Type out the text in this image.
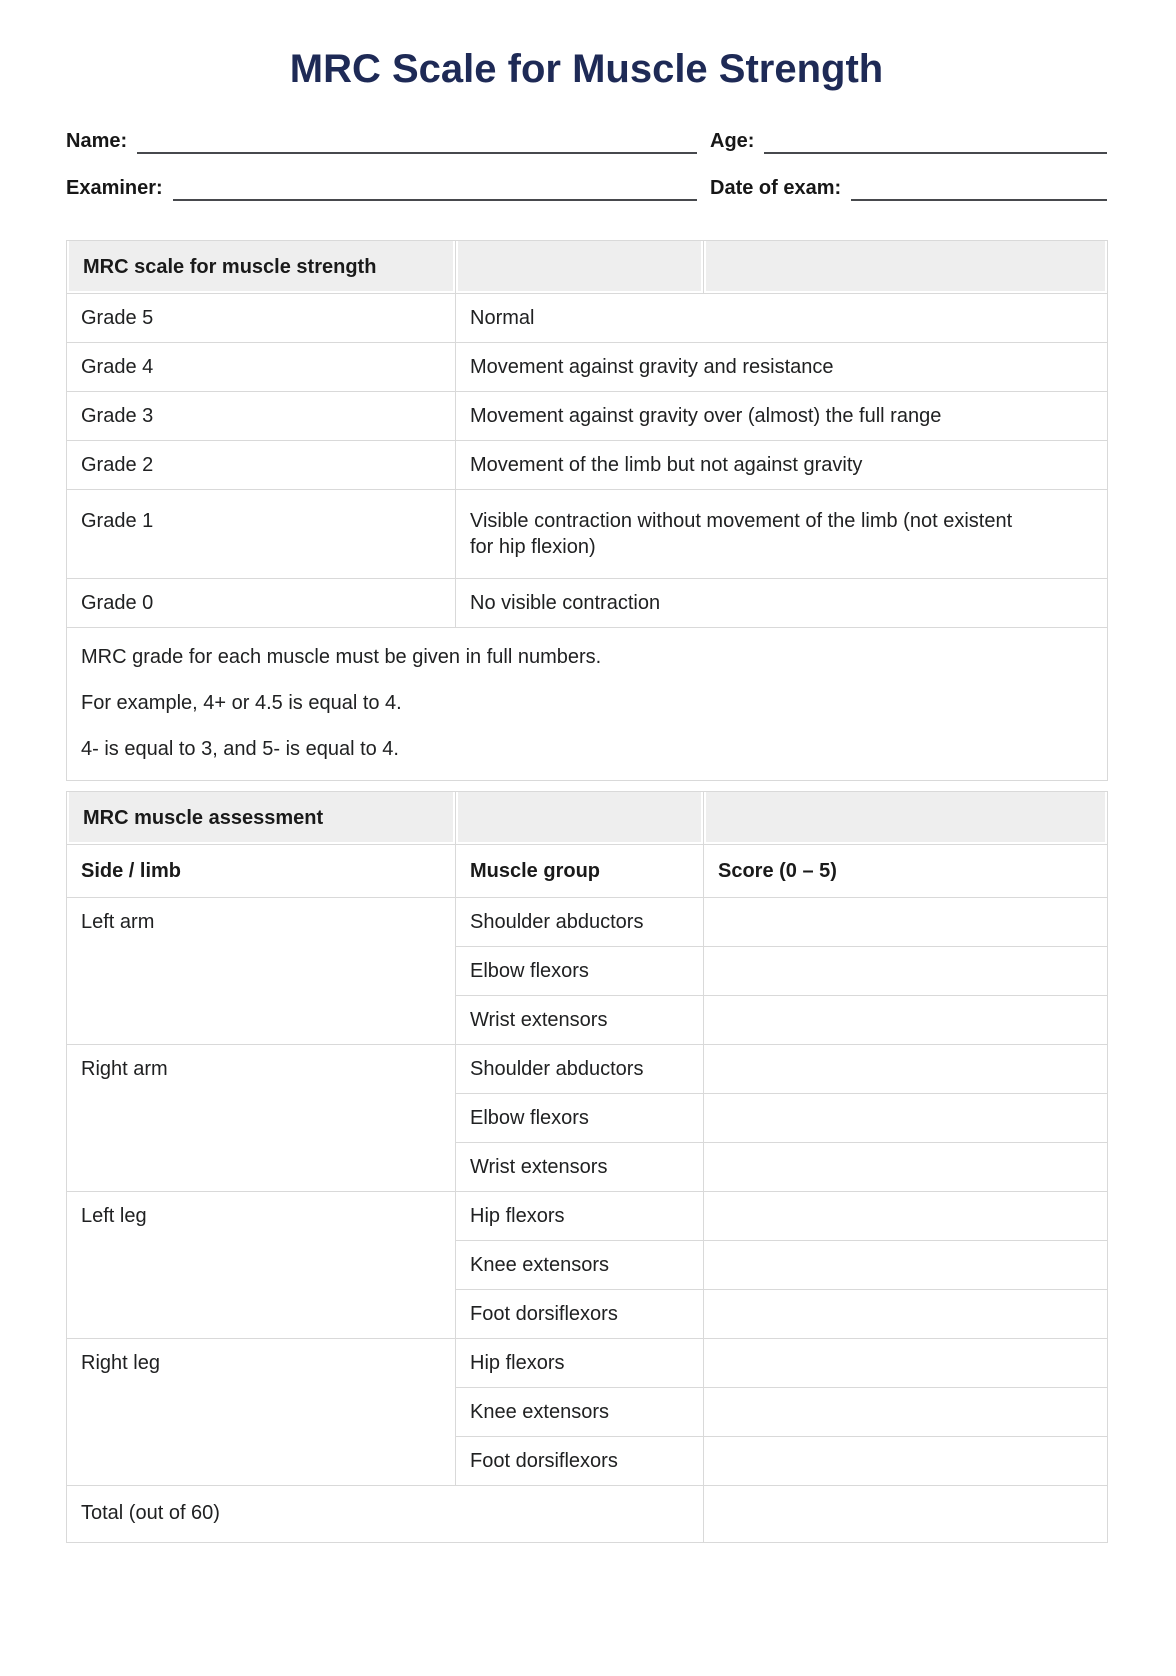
MRC Scale for Muscle Strength
Name:	Age:
Examiner:	Date of exam:
MRC scale for muscle strength		
Grade 5	Normal	

Grade 4	Movement against gravity and resistance	

Grade 3	Movement against gravity over (almost) the full range	

Grade 2	Movement of the limb but not against gravity	

Grade 1	Visible contraction without movement of the limb (not existent for hip flexion)	

Grade 0	No visible contraction	

MRC grade for each muscle must be given in full numbers.

For example, 4+ or 4.5 is equal to 4.

4- is equal to 3, and 5- is equal to 4.		

MRC muscle assessment		
Side / limb	Muscle group	Score (0 – 5)
Left arm	Shoulder abductors	
	Elbow flexors	
	Wrist extensors	
Right arm	Shoulder abductors	
	Elbow flexors	
	Wrist extensors	
Left leg	Hip flexors	
	Knee extensors	
	Foot dorsiflexors	
Right leg	Hip flexors	
	Knee extensors	
	Foot dorsiflexors	
Total (out of 60)		
